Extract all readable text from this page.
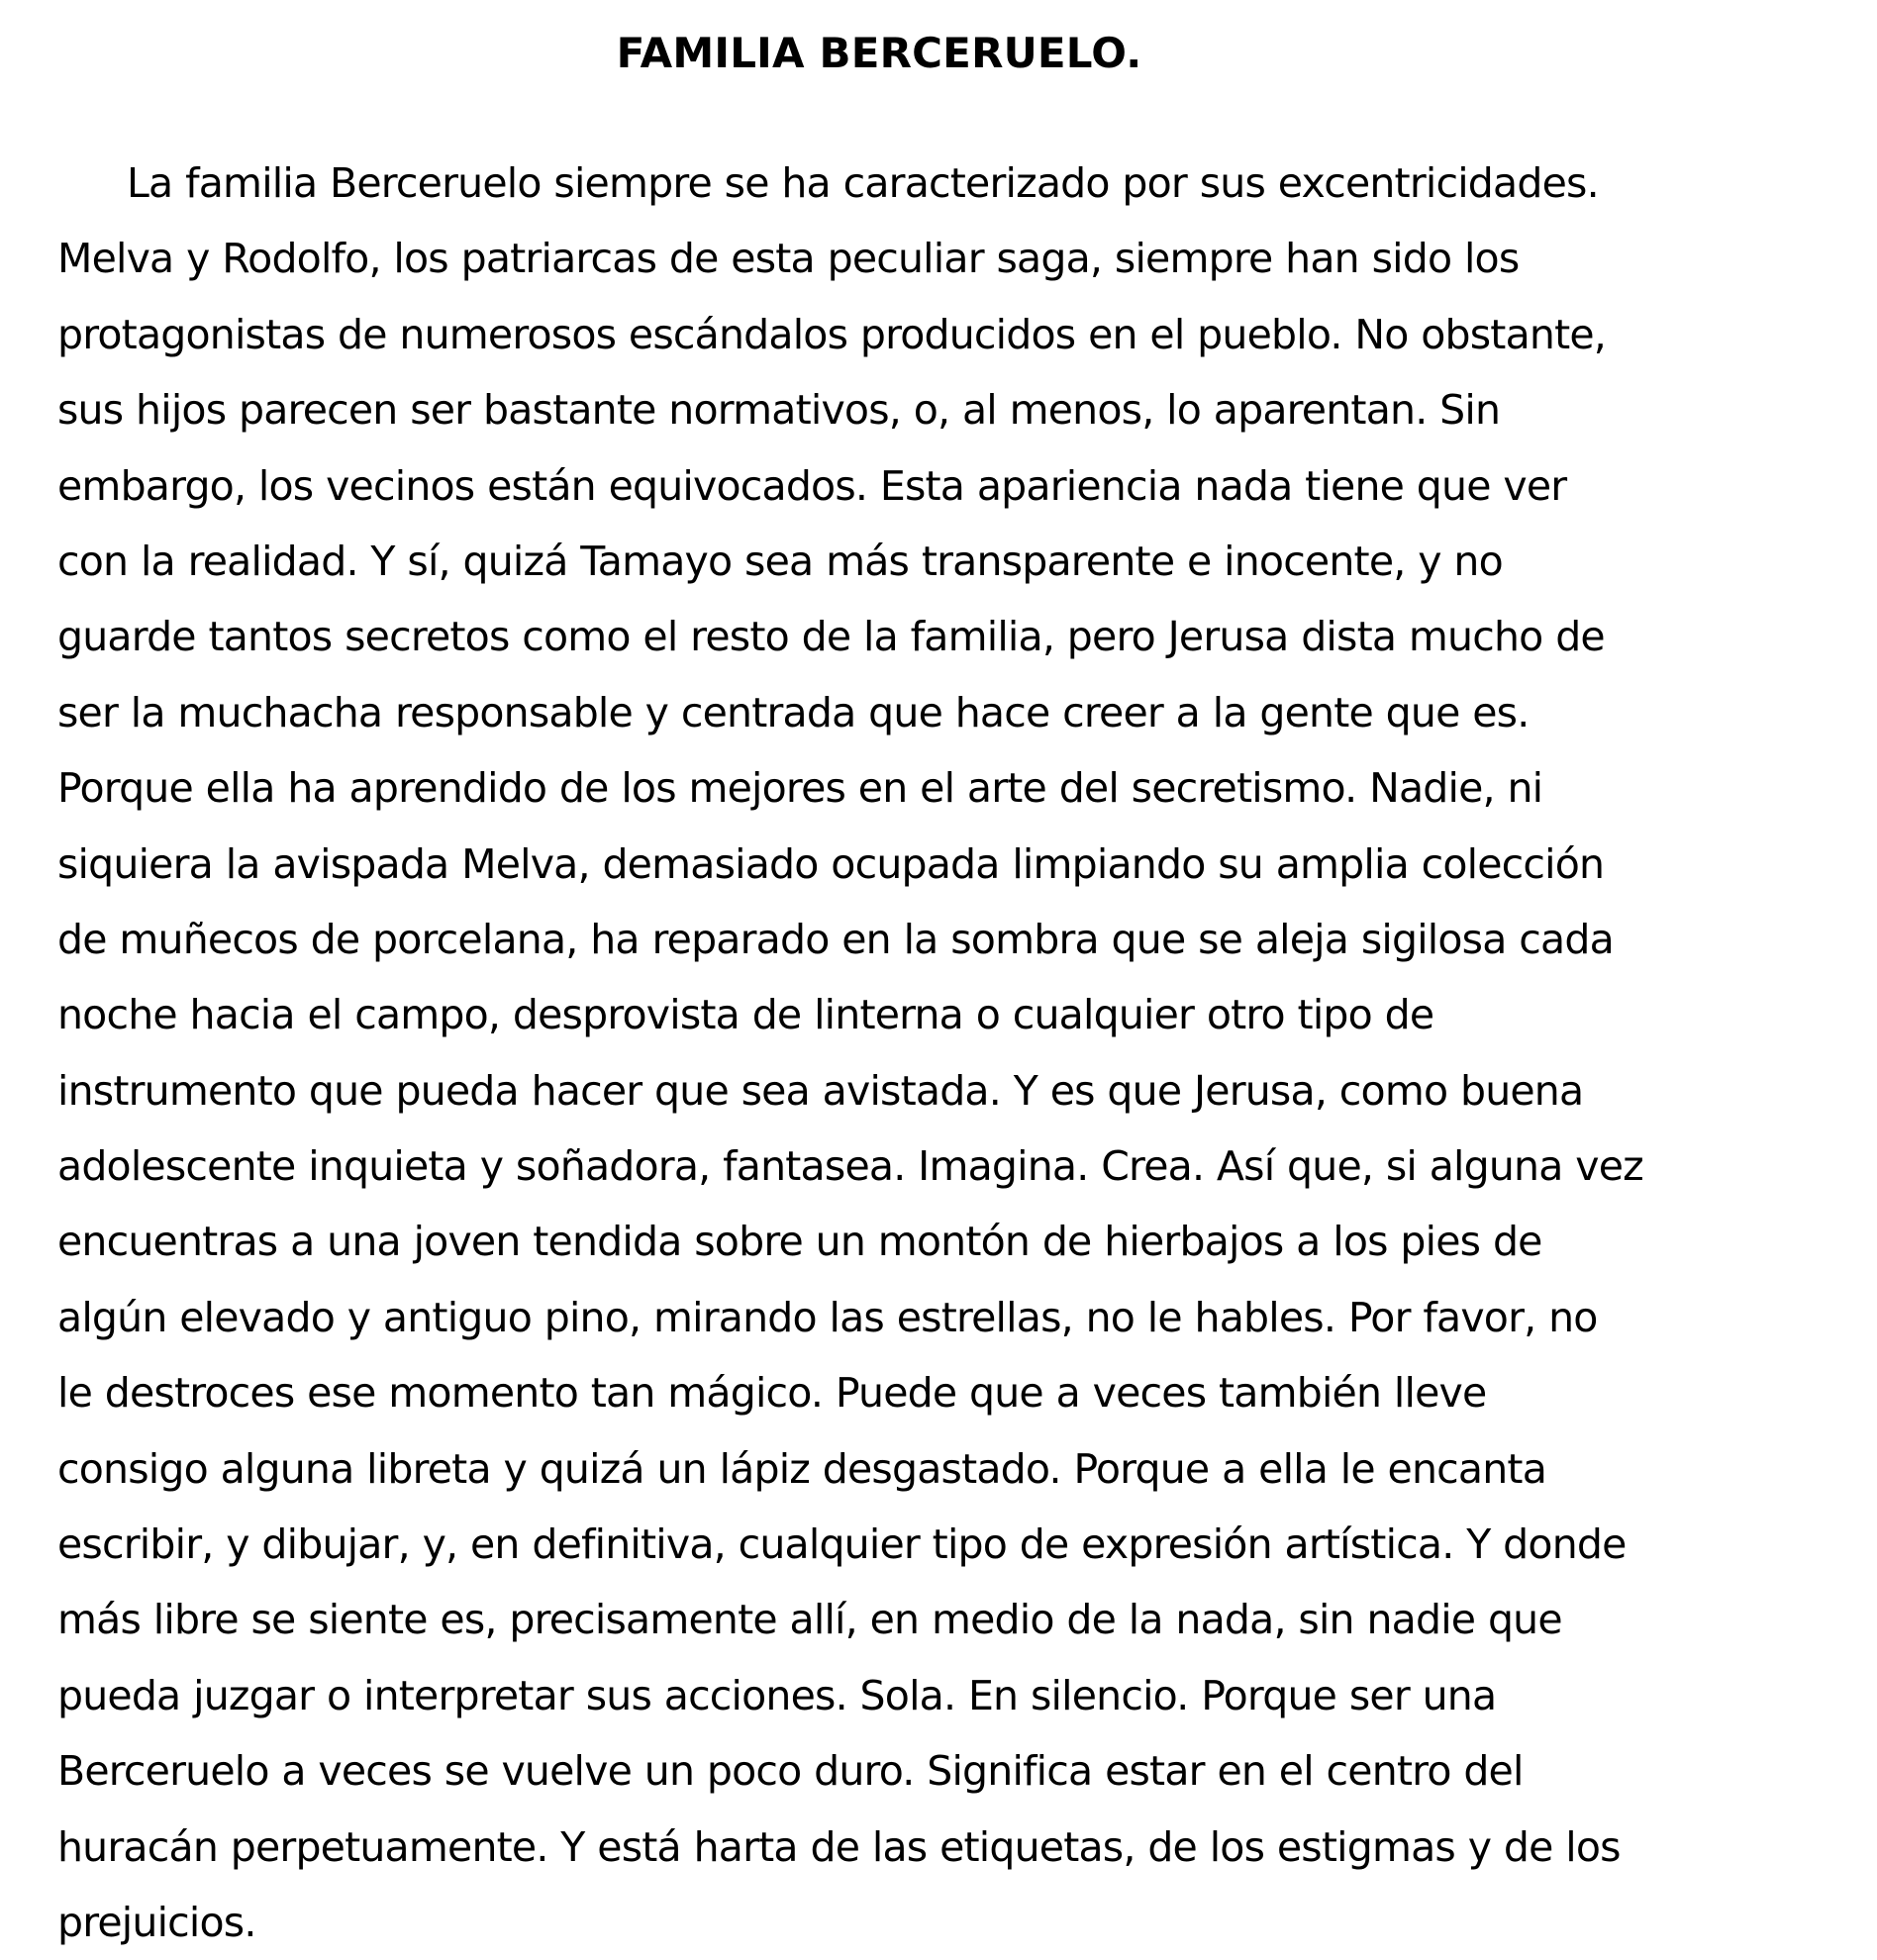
FAMILIA BERCERUELO.
La familia Berceruelo siempre se ha caracterizado por sus excentricidades.
Melva y Rodolfo, los patriarcas de esta peculiar saga, siempre han sido los
protagonistas de numerosos escándalos producidos en el pueblo. No obstante,
sus hijos parecen ser bastante normativos, o, al menos, lo aparentan. Sin
embargo, los vecinos están equivocados. Esta apariencia nada tiene que ver
con la realidad. Y sí, quizá Tamayo sea más transparente e inocente, y no
guarde tantos secretos como el resto de la familia, pero Jerusa dista mucho de
ser la muchacha responsable y centrada que hace creer a la gente que es.
Porque ella ha aprendido de los mejores en el arte del secretismo. Nadie, ni
siquiera la avispada Melva, demasiado ocupada limpiando su amplia colección
de muñecos de porcelana, ha reparado en la sombra que se aleja sigilosa cada
noche hacia el campo, desprovista de linterna o cualquier otro tipo de
instrumento que pueda hacer que sea avistada. Y es que Jerusa, como buena
adolescente inquieta y soñadora, fantasea. Imagina. Crea. Así que, si alguna vez
encuentras a una joven tendida sobre un montón de hierbajos a los pies de
algún elevado y antiguo pino, mirando las estrellas, no le hables. Por favor, no
le destroces ese momento tan mágico. Puede que a veces también lleve
consigo alguna libreta y quizá un lápiz desgastado. Porque a ella le encanta
escribir, y dibujar, y, en definitiva, cualquier tipo de expresión artística. Y donde
más libre se siente es, precisamente allí, en medio de la nada, sin nadie que
pueda juzgar o interpretar sus acciones. Sola. En silencio. Porque ser una
Berceruelo a veces se vuelve un poco duro. Significa estar en el centro del
huracán perpetuamente. Y está harta de las etiquetas, de los estigmas y de los
prejuicios.
